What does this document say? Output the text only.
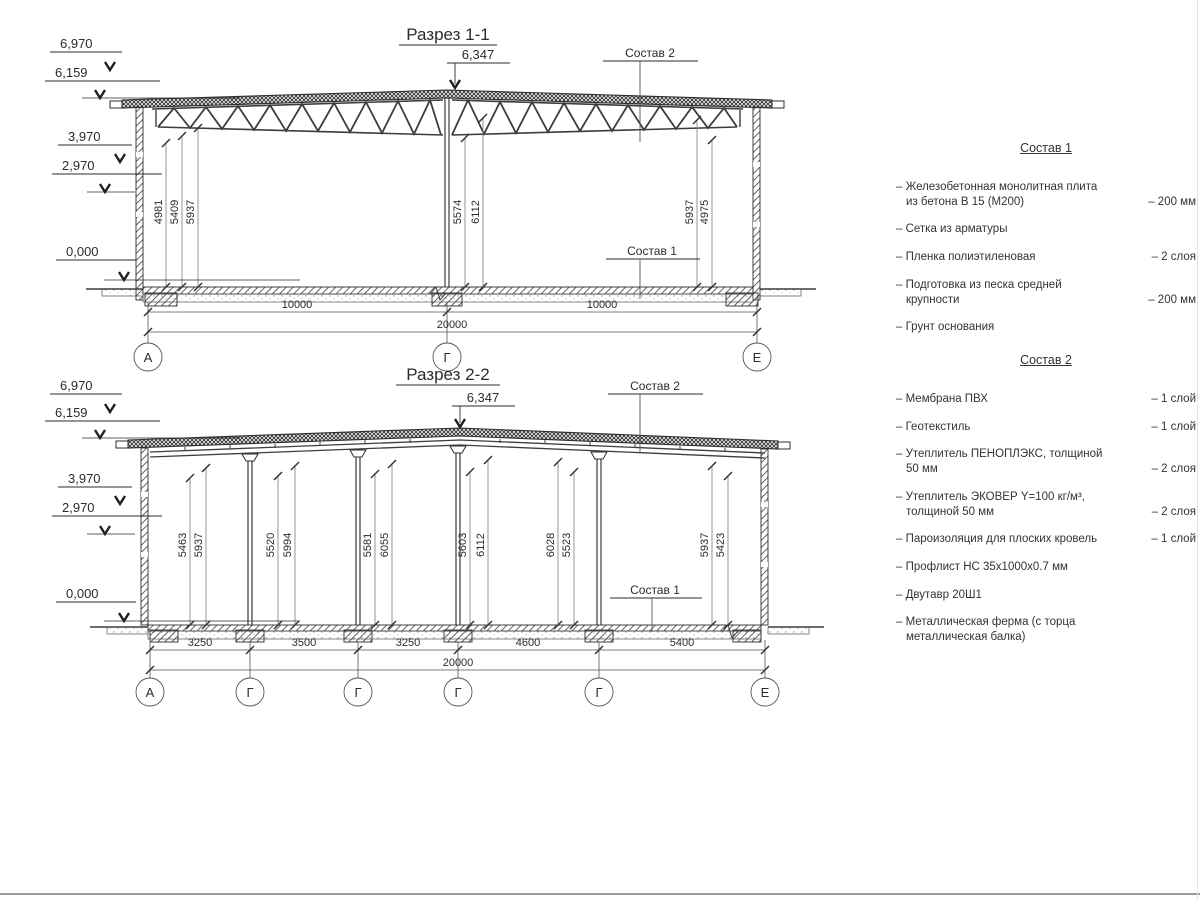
Разрез 1-1
4981 5409 5937	5574 6112	5937 4975
6,347
6,970
6,159
3,970
2,970
0,000
Состав 2
Состав 1
10000	10000
20000
А	Г	Е
Разрез 2-2
5463 5937	5520 5994	5581 6055	5603 6112	6028 5523	5937 5423
6,347
6,970
6,159
3,970
2,970
0,000
Состав 2
Состав 1
3250	3500	3250	4600	5400
20000
А	Г	Г	Г	Г	Е
Состав 1
– Железобетонная монолитная плита из бетона В 15 (М200)	– 200 мм
– Сетка из арматуры
– Пленка полиэтиленовая	– 2 слоя
– Подготовка из песка средней крупности	– 200 мм
– Грунт основания
Состав 2
– Мембрана ПВХ	– 1 слой
– Геотекстиль	– 1 слой
– Утеплитель ПЕНОПЛЭКС, толщиной 50 мм	– 2 слоя
– Утеплитель ЭКОВЕР Y=100 кг/м³, толщиной 50 мм	– 2 слоя
– Пароизоляция для плоских кровель	– 1 слой
– Профлист НС 35х1000х0.7 мм
– Двутавр 20Ш1
– Металлическая ферма (с торца металлическая балка)
